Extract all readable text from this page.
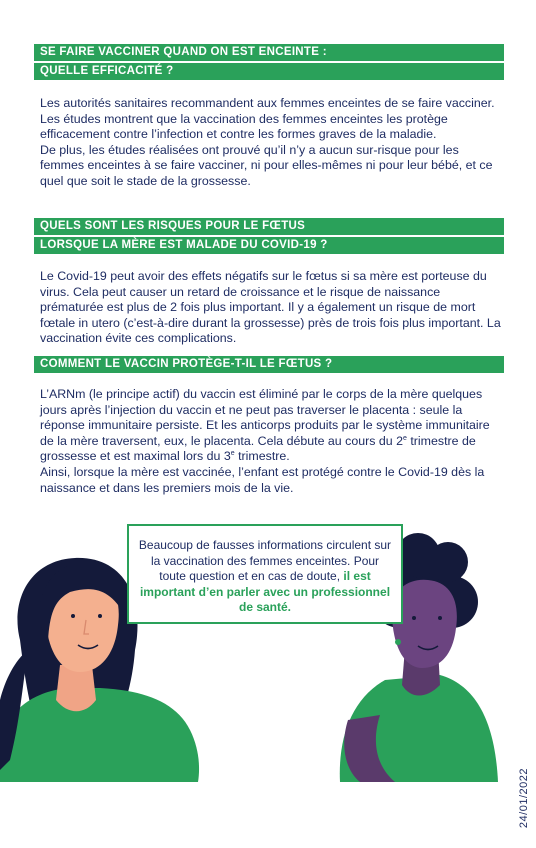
SE FAIRE VACCINER QUAND ON EST ENCEINTE :
QUELLE EFFICACITÉ ?

Les autorités sanitaires recommandent aux femmes enceintes de se faire vacciner.

Les études montrent que la vaccination des femmes enceintes les protège efficacement contre l’infection et contre les formes graves de la maladie.

De plus, les études réalisées ont prouvé qu’il n’y a aucun sur-risque pour les femmes enceintes à se faire vacciner, ni pour elles-mêmes ni pour leur bébé, et ce quel que soit le stade de la grossesse.

QUELS SONT LES RISQUES POUR LE FŒTUS
LORSQUE LA MÈRE EST MALADE DU COVID-19 ?

Le Covid-19 peut avoir des effets négatifs sur le fœtus si sa mère est porteuse du virus. Cela peut causer un retard de croissance et le risque de naissance prématurée est plus de 2 fois plus important. Il y a également un risque de mort fœtale in utero (c’est-à-dire durant la grossesse) près de trois fois plus important. La vaccination évite ces complications.

COMMENT LE VACCIN PROTÈGE-T-IL LE FŒTUS ?

L’ARNm (le principe actif) du vaccin est éliminé par le corps de la mère quelques jours après l’injection du vaccin et ne peut pas traverser le placenta : seule la réponse immunitaire persiste. Et les anticorps produits par le système immunitaire de la mère traversent, eux, le placenta. Cela débute au cours du 2e trimestre de grossesse et est maximal lors du 3e trimestre.

Ainsi, lorsque la mère est vaccinée, l’enfant est protégé contre le Covid-19 dès la naissance et dans les premiers mois de la vie.

Beaucoup de fausses informations circulent sur la vaccination des femmes enceintes. Pour toute question et en cas de doute, il est important d’en parler avec un professionnel de santé.
24/01/2022
